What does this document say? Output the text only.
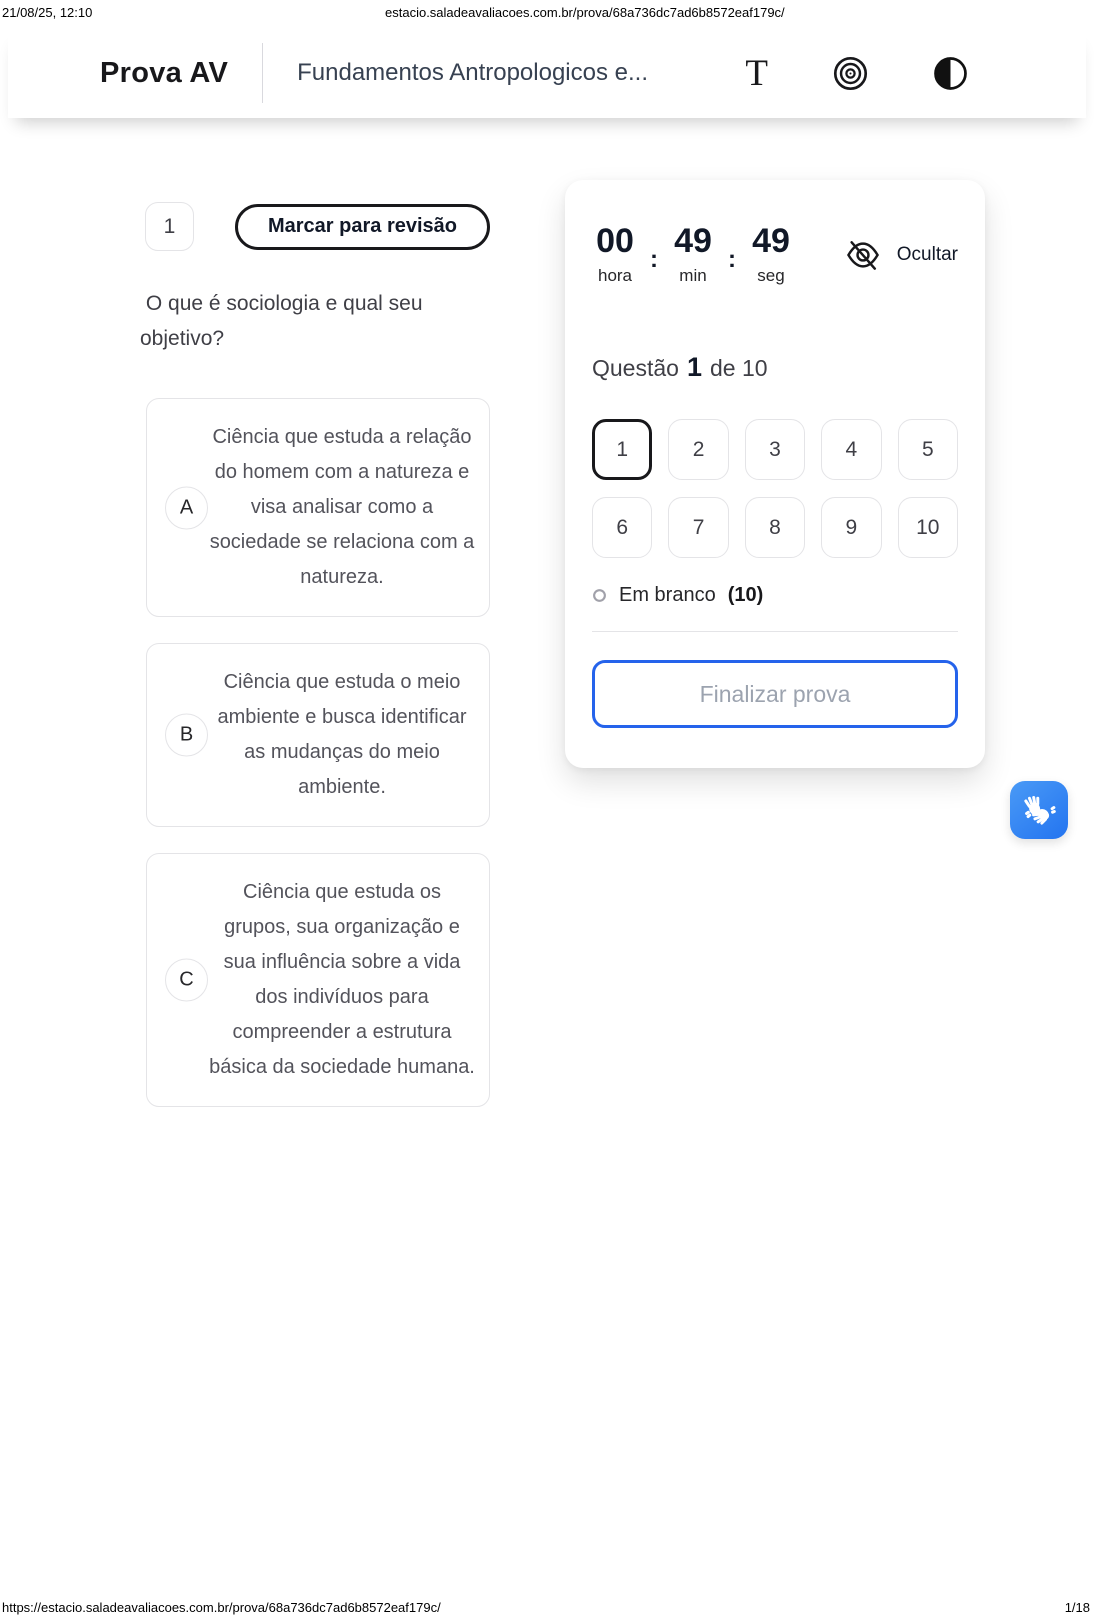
21/08/25, 12:10	estacio.saladeavaliacoes.com.br/prova/68a736dc7ad6b8572eaf179c/
https://estacio.saladeavaliacoes.com.br/prova/68a736dc7ad6b8572eaf179c/	1/18
Prova AV	Fundamentos Antropologicos e...	T
1	Marcar para revisão
O que é sociologia e qual seu objetivo?
A
Ciência que estuda a relação do homem com a natureza e visa analisar como a sociedade se relaciona com a natureza.
B
Ciência que estuda o meio ambiente e busca identificar as mudanças do meio ambiente.
C
Ciência que estuda os grupos, sua organização e sua influência sobre a vida dos indivíduos para compreender a estrutura básica da sociedade humana.
00
hora
: 49
min
: 49
seg
Ocultar
Questão 1 de 10
1	2	3	4	5
6	7	8	9	10
Em branco (10)
Finalizar prova
